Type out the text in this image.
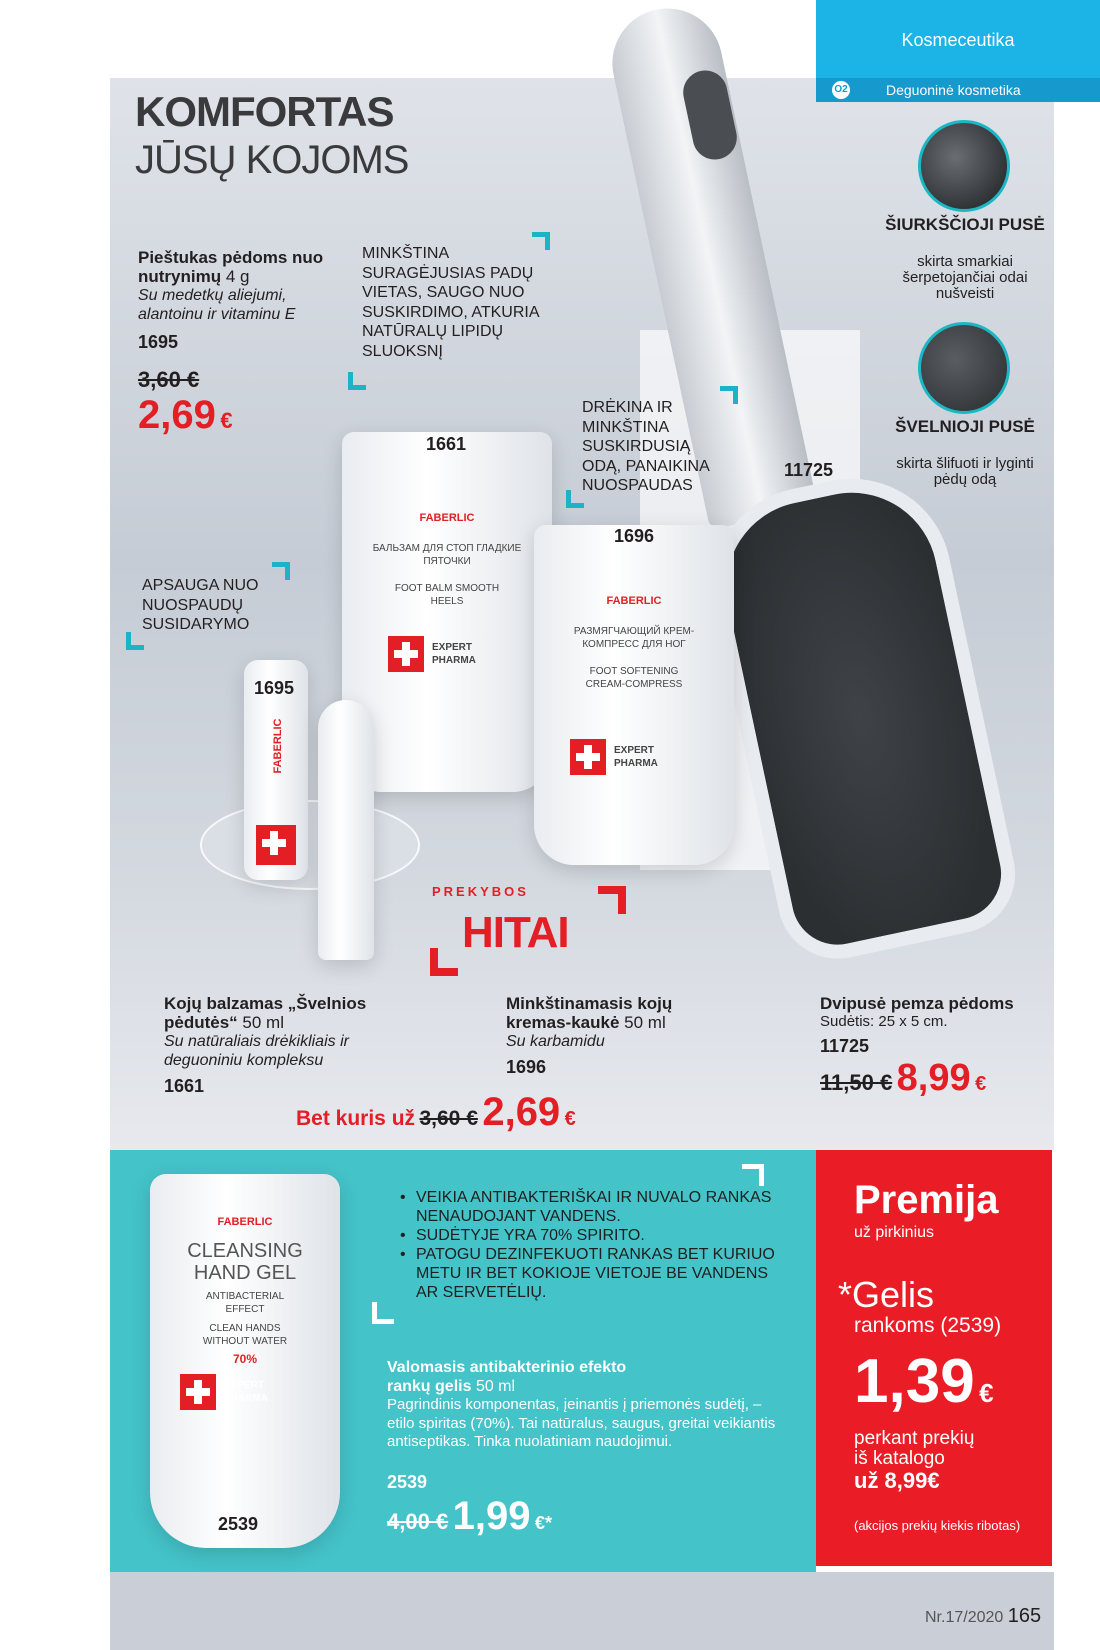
Kosmeceutika
O2	Deguoninė kosmetika
FABERLIC
БАЛЬЗАМ ДЛЯ СТОП ГЛАДКИЕ ПЯТОЧКИ
FOOT BALM SMOOTH HEELS
EXPERT PHARMA
1661
FABERLIC
РАЗМЯГЧАЮЩИЙ КРЕМ-КОМПРЕСС ДЛЯ НОГ
FOOT SOFTENING CREAM-COMPRESS
EXPERT PHARMA
1696
FABERLIC
1695
11725
KOMFORTAS
JŪSŲ KOJOMS
Pieštukas pėdoms nuo nutrynimų 4 g
Su medetkų aliejumi, alantoinu ir vitaminu E
1695
3,60 €
2,69 €
MINKŠTINA SURAGĖJUSIAS PADŲ VIETAS, SAUGO NUO SUSKIRDIMO, ATKURIA NATŪRALŲ LIPIDŲ SLUOKSNĮ
DRĖKINA IR MINKŠTINA SUSKIRDUSIĄ ODĄ, PANAIKINA NUOSPAUDAS
APSAUGA NUO NUOSPAUDŲ SUSIDARYMO
ŠIURKŠČIOJI PUSĖ
skirta smarkiai šerpetojančiai odai nušveisti
ŠVELNIOJI PUSĖ
skirta šlifuoti ir lyginti pėdų odą
PREKYBOS
HITAI
Kojų balzamas „Švelnios pėdutės“ 50 ml
Su natūraliais drėkikliais ir deguoniniu kompleksu
1661
Minkštinamasis kojų kremas-kaukė 50 ml
Su karbamidu
1696
Bet kuris už 3,60 € 2,69 €
Dvipusė pemza pėdoms
Sudėtis: 25 x 5 cm.
11725
11,50 € 8,99 €
FABERLIC
CLEANSING HAND GEL
ANTIBACTERIAL EFFECT
CLEAN HANDS WITHOUT WATER
70%
EXPERT PHARMA
2539
• VEIKIA ANTIBAKTERIŠKAI IR NUVALO RANKAS NENAUDOJANT VANDENS.
• SUDĖTYJE YRA 70% SPIRITO.
• PATOGU DEZINFEKUOTI RANKAS BET KURIUO METU IR BET KOKIOJE VIETOJE BE VANDENS AR SERVETĖLIŲ.
Valomasis antibakterinio efekto rankų gelis 50 ml
Pagrindinis komponentas, įeinantis į priemonės sudėtį, – etilo spiritas (70%). Tai natūralus, saugus, greitai veikiantis antiseptikas. Tinka nuolatiniam naudojimui.
2539
4,00 € 1,99 €*
Premija
už pirkinius
*Gelis
rankoms (2539)
1,39 €
perkant prekių
iš katalogo
už 8,99€
(akcijos prekių kiekis ribotas)
Nr.17/2020 165
